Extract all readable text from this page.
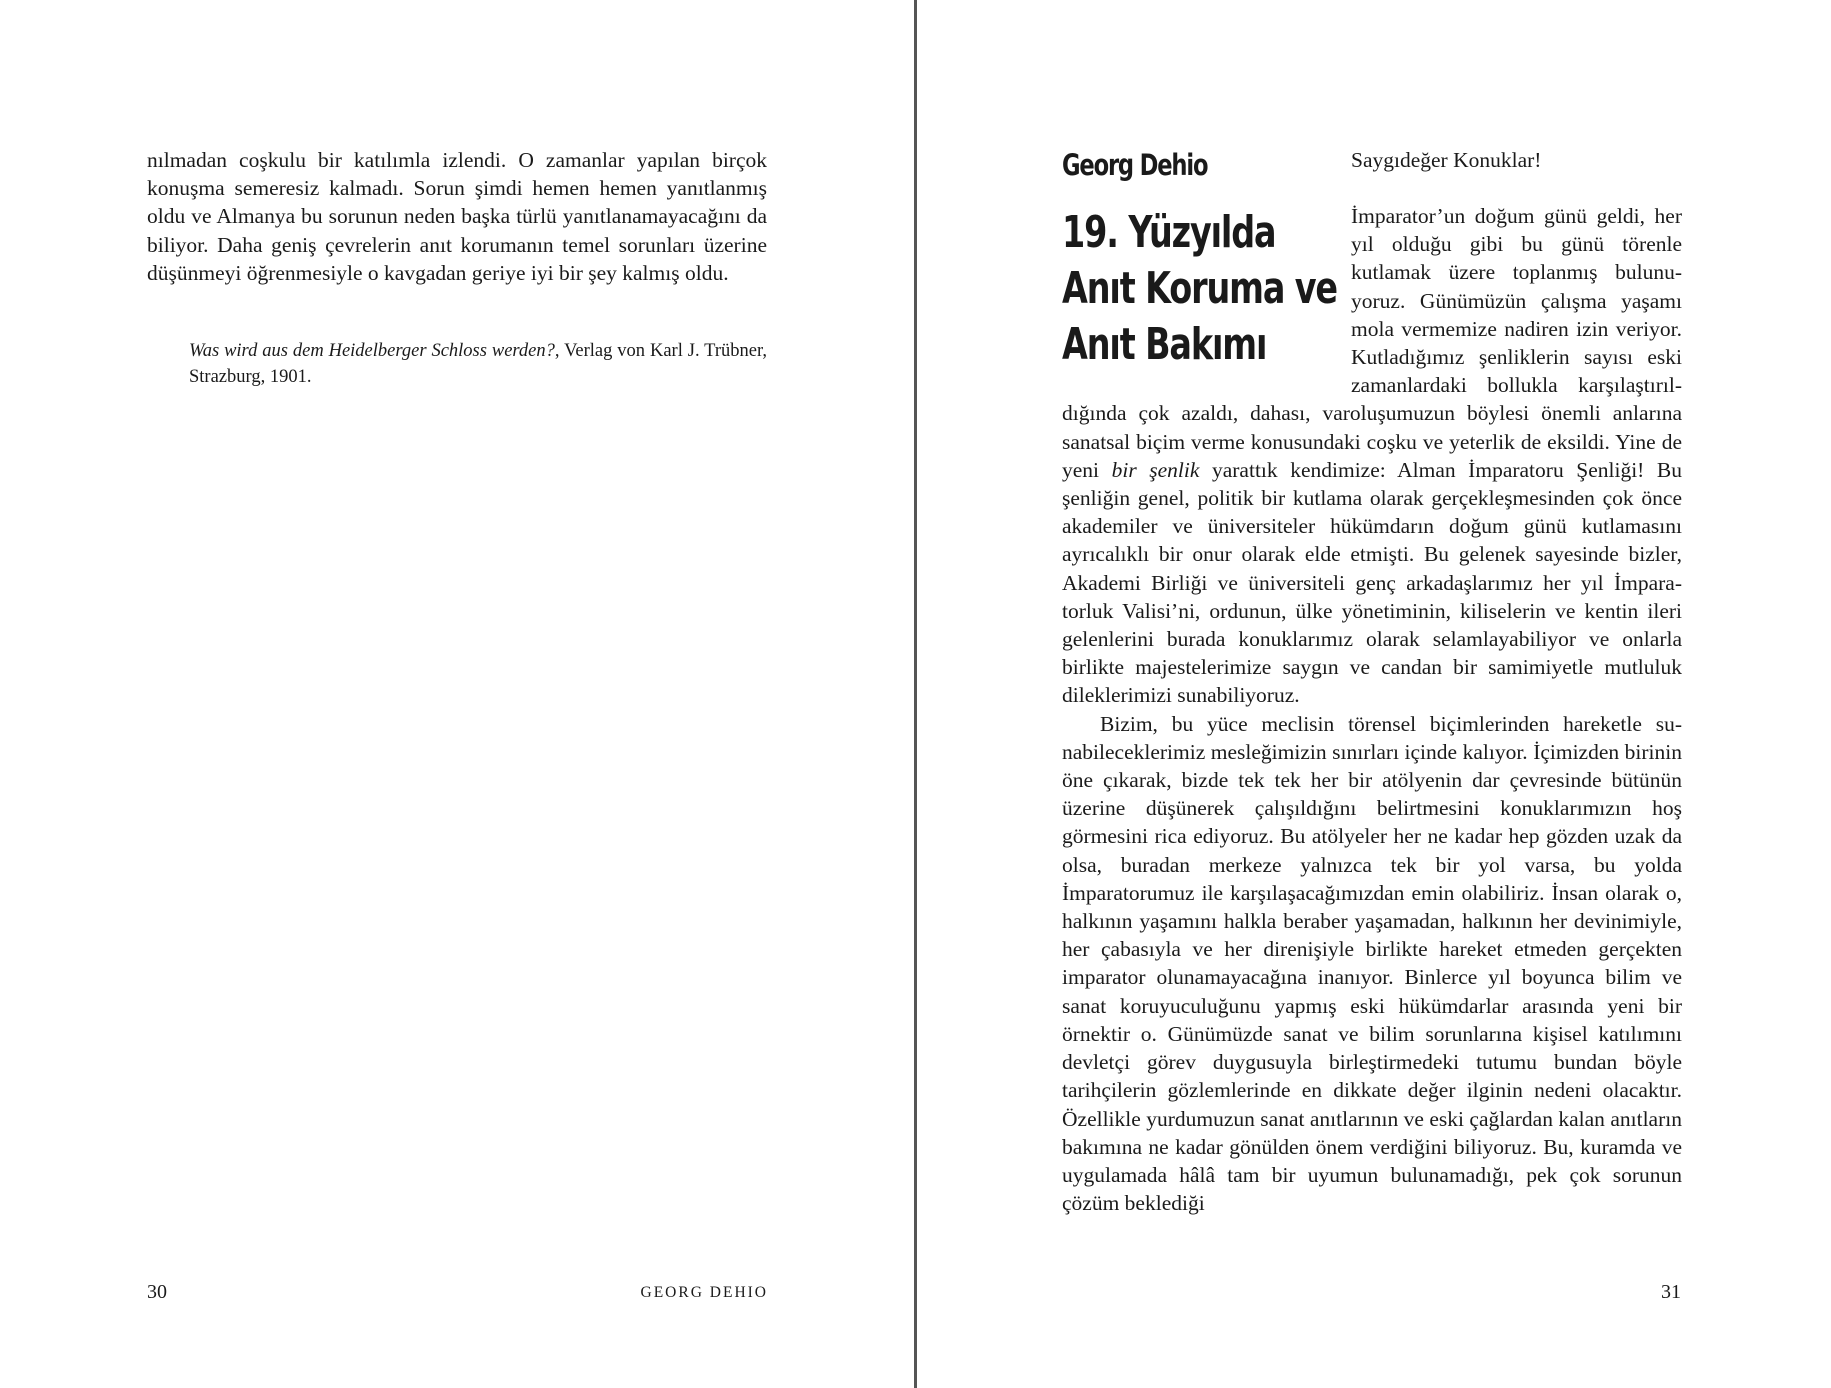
nılmadan coşkulu bir katılımla izlendi. O zamanlar yapılan birçok konuşma semeresiz kalmadı. Sorun şimdi hemen hemen yanıtlanmış oldu ve Almanya bu sorunun neden başka türlü yanıtlanamayacağını da biliyor. Daha geniş çevrelerin anıt korumanın temel sorunları üzerine düşünmeyi öğrenmesiyle o kavgadan geriye iyi bir şey kalmış oldu.

Was wird aus dem Heidelberger Schloss werden?, Verlag von Karl J. Trübner, Strazburg, 1901.
30	GEORG DEHIO
Georg Dehio
19. Yüzyılda
Anıt Koruma ve
Anıt Bakımı
Saygıdeğer Konuklar!

İmparator’un doğum günü geldi, her yıl olduğu gibi bu günü törenle kutlamak üzere toplanmış bulunuyoruz. Günümüzün çalışma yaşamı mola vermemize nadiren izin veriyor. Kutladığımız şenliklerin sayısı eski zamanlardaki bollukla karşılaştırıldığında çok azaldı, dahası, varoluşumuzun böylesi önemli anlarına sanatsal biçim verme konusundaki coşku ve yeterlik de eksildi. Yine de yeni bir şenlik yarattık kendimize: Alman İmparatoru Şenliği! Bu şenliğin genel, politik bir kutlama olarak gerçekleşmesinden çok önce akademiler ve üniversiteler hükümdarın doğum günü kutlamasını ayrıcalıklı bir onur olarak elde etmişti. Bu gelenek sayesinde bizler, Akademi Birliği ve üniversiteli genç arkadaşlarımız her yıl İmparatorluk Valisi’ni, ordunun, ülke yönetiminin, kiliselerin ve kentin ileri gelenlerini burada konuklarımız olarak selamlayabiliyor ve onlarla birlikte majestelerimize saygın ve candan bir samimiyetle mutluluk dileklerimizi sunabiliyoruz.

Bizim, bu yüce meclisin törensel biçimlerinden hareketle sunabileceklerimiz mesleğimizin sınırları içinde kalıyor. İçimizden birinin öne çıkarak, bizde tek tek her bir atölyenin dar çevresinde bütünün üzerine düşünerek çalışıldığını belirtmesini konuklarımızın hoş görmesini rica ediyoruz. Bu atölyeler her ne kadar hep gözden uzak da olsa, buradan merkeze yalnızca tek bir yol varsa, bu yolda İmparatorumuz ile karşılaşacağımızdan emin olabiliriz. İnsan olarak o, halkının yaşamını halkla beraber yaşamadan, halkının her devinimiyle, her çabasıyla ve her direnişiyle birlikte hareket etmeden gerçekten imparator olunamayacağına inanıyor. Binlerce yıl boyunca bilim ve sanat koruyuculuğunu yapmış eski hükümdarlar arasında yeni bir örnektir o. Günümüzde sanat ve bilim sorunlarına kişisel katılımını devletçi görev duygusuyla birleştirmedeki tutumu bundan böyle tarihçilerin gözlemlerinde en dikkate değer ilginin nedeni olacaktır. Özellikle yurdumuzun sanat anıtlarının ve eski çağlardan kalan anıtların bakımına ne kadar gönülden önem verdiğini biliyoruz. Bu, kuramda ve uygulamada hâlâ tam bir uyumun bulunamadığı, pek çok sorunun çözüm beklediği

31
